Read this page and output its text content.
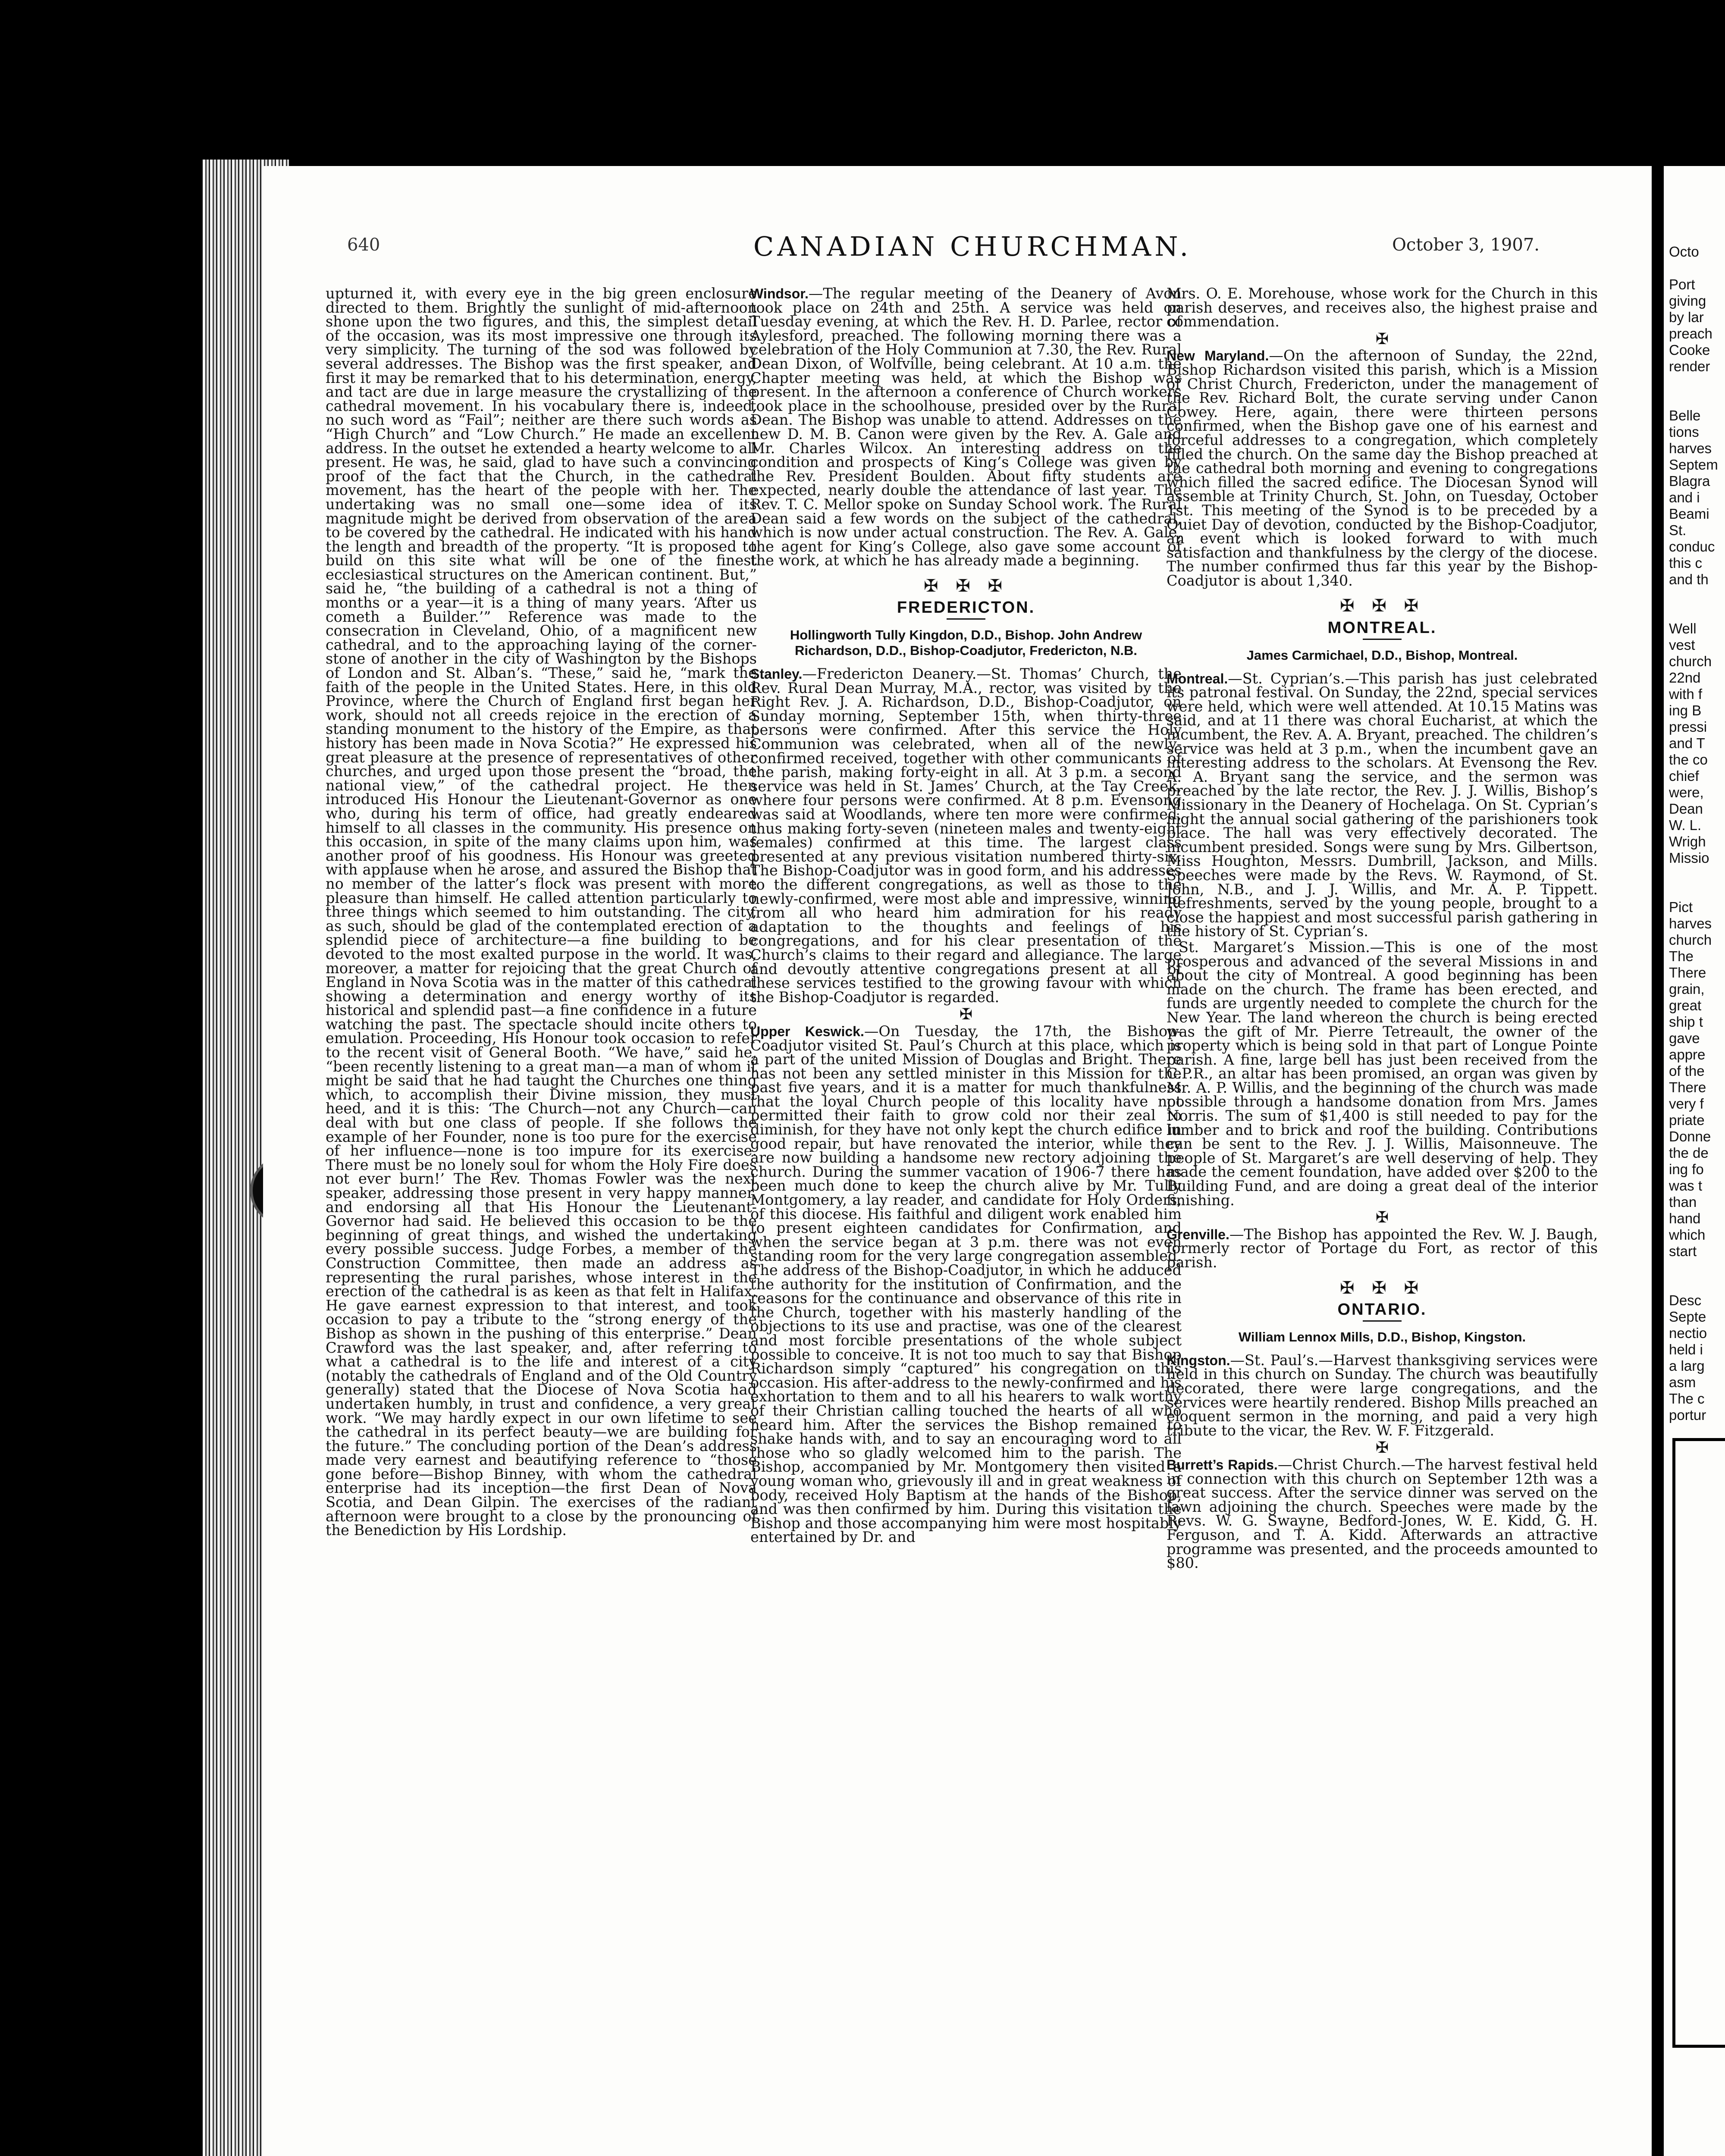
640	CANADIAN CHURCHMAN.	October 3, 1907.

upturned it, with every eye in the big green enclosure directed to them. Brightly the sunlight of mid-afternoon shone upon the two figures, and this, the simplest detail of the occasion, was its most impressive one through its very simplicity. The turning of the sod was followed by several addresses. The Bishop was the first speaker, and first it may be remarked that to his determination, energy, and tact are due in large measure the crystallizing of the cathedral movement. In his vocabulary there is, indeed, no such word as “Fail”; neither are there such words as “High Church” and “Low Church.” He made an excellent address. In the outset he extended a hearty welcome to all present. He was, he said, glad to have such a convincing proof of the fact that the Church, in the cathedral movement, has the heart of the people with her. The undertaking was no small one—some idea of its magnitude might be derived from observation of the area to be covered by the cathedral. He indicated with his hand the length and breadth of the property. “It is proposed to build on this site what will be one of the finest ecclesiastical structures on the American continent. But,” said he, “the building of a cathedral is not a thing of months or a year—it is a thing of many years. ‘After us cometh a Builder.’” Reference was made to the consecration in Cleveland, Ohio, of a magnificent new cathedral, and to the approaching laying of the corner-stone of another in the city of Washington by the Bishops of London and St. Alban’s. “These,” said he, “mark the faith of the people in the United States. Here, in this old Province, where the Church of England first began her work, should not all creeds rejoice in the erection of a standing monument to the history of the Empire, as that history has been made in Nova Scotia?” He expressed his great pleasure at the presence of representatives of other churches, and urged upon those present the “broad, the national view,” of the cathedral project. He then introduced His Honour the Lieutenant-Governor as one who, during his term of office, had greatly endeared himself to all classes in the community. His presence on this occasion, in spite of the many claims upon him, was another proof of his goodness. His Honour was greeted with applause when he arose, and assured the Bishop that no member of the latter’s flock was present with more pleasure than himself. He called attention particularly to three things which seemed to him outstanding. The city, as such, should be glad of the contemplated erection of a splendid piece of architecture—a fine building to be devoted to the most exalted purpose in the world. It was, moreover, a matter for rejoicing that the great Church of England in Nova Scotia was in the matter of this cathedral showing a determination and energy worthy of its historical and splendid past—a fine confidence in a future watching the past. The spectacle should incite others to emulation. Proceeding, His Honour took occasion to refer to the recent visit of General Booth. “We have,” said he, “been recently listening to a great man—a man of whom it might be said that he had taught the Churches one thing which, to accomplish their Divine mission, they must heed, and it is this: ‘The Church—not any Church—can deal with but one class of people. If she follows the example of her Founder, none is too pure for the exercise of her influence—none is too impure for its exercise. There must be no lonely soul for whom the Holy Fire does not ever burn!’ The Rev. Thomas Fowler was the next speaker, addressing those present in very happy manner, and endorsing all that His Honour the Lieutenant-Governor had said. He believed this occasion to be the beginning of great things, and wished the undertaking every possible success. Judge Forbes, a member of the Construction Committee, then made an address as representing the rural parishes, whose interest in the erection of the cathedral is as keen as that felt in Halifax. He gave earnest expression to that interest, and took occasion to pay a tribute to the “strong energy of the Bishop as shown in the pushing of this enterprise.” Dean Crawford was the last speaker, and, after referring to what a cathedral is to the life and interest of a city (notably the cathedrals of England and of the Old Country generally) stated that the Diocese of Nova Scotia had undertaken humbly, in trust and confidence, a very great work. “We may hardly expect in our own lifetime to see the cathedral in its perfect beauty—we are building for the future.” The concluding portion of the Dean’s address made very earnest and beautifying reference to “those gone before—Bishop Binney, with whom the cathedral enterprise had its inception—the first Dean of Nova Scotia, and Dean Gilpin. The exercises of the radiant afternoon were brought to a close by the pronouncing of the Benediction by His Lordship.

Windsor.—The regular meeting of the Deanery of Avon took place on 24th and 25th. A service was held on Tuesday evening, at which the Rev. H. D. Parlee, rector of Aylesford, preached. The following morning there was a celebration of the Holy Communion at 7.30, the Rev. Rural Dean Dixon, of Wolfville, being celebrant. At 10 a.m. the Chapter meeting was held, at which the Bishop was present. In the afternoon a conference of Church workers took place in the schoolhouse, presided over by the Rural Dean. The Bishop was unable to attend. Addresses on the new D. M. B. Canon were given by the Rev. A. Gale and Mr. Charles Wilcox. An interesting address on the condition and prospects of King’s College was given by the Rev. President Boulden. About fifty students are expected, nearly double the attendance of last year. The Rev. T. C. Mellor spoke on Sunday School work. The Rural Dean said a few words on the subject of the cathedral, which is now under actual construction. The Rev. A. Gale, the agent for King’s College, also gave some account of the work, at which he has already made a beginning.

✠ ✠ ✠
FREDERICTON.
Hollingworth Tully Kingdon, D.D., Bishop. John Andrew Richardson, D.D., Bishop-Coadjutor, Fredericton, N.B.

Stanley.—Fredericton Deanery.—St. Thomas’ Church, the Rev. Rural Dean Murray, M.A., rector, was visited by the Right Rev. J. A. Richardson, D.D., Bishop-Coadjutor, on Sunday morning, September 15th, when thirty-three persons were confirmed. After this service the Holy Communion was celebrated, when all of the newly-confirmed received, together with other communicants of the parish, making forty-eight in all. At 3 p.m. a second service was held in St. James’ Church, at the Tay Creek, where four persons were confirmed. At 8 p.m. Evensong was said at Woodlands, where ten more were confirmed, thus making forty-seven (nineteen males and twenty-eight females) confirmed at this time. The largest class presented at any previous visitation numbered thirty-six. The Bishop-Coadjutor was in good form, and his addresses to the different congregations, as well as those to the newly-confirmed, were most able and impressive, winning from all who heard him admiration for his ready adaptation to the thoughts and feelings of his congregations, and for his clear presentation of the Church’s claims to their regard and allegiance. The large and devoutly attentive congregations present at all of these services testified to the growing favour with which the Bishop-Coadjutor is regarded.

✠

Upper Keswick.—On Tuesday, the 17th, the Bishop-Coadjutor visited St. Paul’s Church at this place, which is a part of the united Mission of Douglas and Bright. There has not been any settled minister in this Mission for the past five years, and it is a matter for much thankfulness that the loyal Church people of this locality have not permitted their faith to grow cold nor their zeal to diminish, for they have not only kept the church edifice in good repair, but have renovated the interior, while they are now building a handsome new rectory adjoining the church. During the summer vacation of 1906-7 there has been much done to keep the church alive by Mr. Tully Montgomery, a lay reader, and candidate for Holy Orders, of this diocese. His faithful and diligent work enabled him to present eighteen candidates for Confirmation, and when the service began at 3 p.m. there was not even standing room for the very large congregation assembled. The address of the Bishop-Coadjutor, in which he adduced the authority for the institution of Confirmation, and the reasons for the continuance and observance of this rite in the Church, together with his masterly handling of the objections to its use and practise, was one of the clearest and most forcible presentations of the whole subject possible to conceive. It is not too much to say that Bishop Richardson simply “captured” his congregation on this occasion. His after-address to the newly-confirmed and his exhortation to them and to all his hearers to walk worthy of their Christian calling touched the hearts of all who heard him. After the services the Bishop remained to shake hands with, and to say an encouraging word to all those who so gladly welcomed him to the parish. The Bishop, accompanied by Mr. Montgomery then visited a young woman who, grievously ill and in great weakness of body, received Holy Baptism at the hands of the Bishop, and was then confirmed by him. During this visitation the Bishop and those accompanying him were most hospitably entertained by Dr. and

Mrs. O. E. Morehouse, whose work for the Church in this parish deserves, and receives also, the highest praise and commendation.

✠

New Maryland.—On the afternoon of Sunday, the 22nd, Bishop Richardson visited this parish, which is a Mission of Christ Church, Fredericton, under the management of the Rev. Richard Bolt, the curate serving under Canon Cowey. Here, again, there were thirteen persons confirmed, when the Bishop gave one of his earnest and forceful addresses to a congregation, which completely filled the church. On the same day the Bishop preached at the cathedral both morning and evening to congregations which filled the sacred edifice. The Diocesan Synod will assemble at Trinity Church, St. John, on Tuesday, October 1st. This meeting of the Synod is to be preceded by a Quiet Day of devotion, conducted by the Bishop-Coadjutor, an event which is looked forward to with much satisfaction and thankfulness by the clergy of the diocese. The number confirmed thus far this year by the Bishop-Coadjutor is about 1,340.

✠ ✠ ✠
MONTREAL.
James Carmichael, D.D., Bishop, Montreal.

Montreal.—St. Cyprian’s.—This parish has just celebrated its patronal festival. On Sunday, the 22nd, special services were held, which were well attended. At 10.15 Matins was said, and at 11 there was choral Eucharist, at which the incumbent, the Rev. A. A. Bryant, preached. The children’s service was held at 3 p.m., when the incumbent gave an interesting address to the scholars. At Evensong the Rev. A. A. Bryant sang the service, and the sermon was preached by the late rector, the Rev. J. J. Willis, Bishop’s Missionary in the Deanery of Hochelaga. On St. Cyprian’s night the annual social gathering of the parishioners took place. The hall was very effectively decorated. The incumbent presided. Songs were sung by Mrs. Gilbertson, Miss Houghton, Messrs. Dumbrill, Jackson, and Mills. Speeches were made by the Revs. W. Raymond, of St. John, N.B., and J. J. Willis, and Mr. A. P. Tippett. Refreshments, served by the young people, brought to a close the happiest and most successful parish gathering in the history of St. Cyprian’s.

St. Margaret’s Mission.—This is one of the most prosperous and advanced of the several Missions in and about the city of Montreal. A good beginning has been made on the church. The frame has been erected, and funds are urgently needed to complete the church for the New Year. The land whereon the church is being erected was the gift of Mr. Pierre Tetreault, the owner of the property which is being sold in that part of Longue Pointe parish. A fine, large bell has just been received from the C.P.R., an altar has been promised, an organ was given by Mr. A. P. Willis, and the beginning of the church was made possible through a handsome donation from Mrs. James Norris. The sum of $1,400 is still needed to pay for the lumber and to brick and roof the building. Contributions can be sent to the Rev. J. J. Willis, Maisonneuve. The people of St. Margaret’s are well deserving of help. They made the cement foundation, have added over $200 to the Building Fund, and are doing a great deal of the interior finishing.

✠

Grenville.—The Bishop has appointed the Rev. W. J. Baugh, formerly rector of Portage du Fort, as rector of this parish.

✠ ✠ ✠
ONTARIO.
William Lennox Mills, D.D., Bishop, Kingston.

Kingston.—St. Paul’s.—Harvest thanksgiving services were held in this church on Sunday. The church was beautifully decorated, there were large congregations, and the services were heartily rendered. Bishop Mills preached an eloquent sermon in the morning, and paid a very high tribute to the vicar, the Rev. W. F. Fitzgerald.

✠

Burrett’s Rapids.—Christ Church.—The harvest festival held in connection with this church on September 12th was a great success. After the service dinner was served on the lawn adjoining the church. Speeches were made by the Revs. W. G. Swayne, Bedford-Jones, W. E. Kidd, G. H. Ferguson, and T. A. Kidd. Afterwards an attractive programme was presented, and the proceeds amounted to $80.

Octo

Port
giving
by lar
preach
Cooke
render

Belle
tions
harves
Septem
Blagra
and i
Beami
St.
conduc
this c
and th

Well
vest
church
22nd
with f
ing B
pressi
and T
the co
chief
were,
Dean
W. L.
Wrigh
Missio

Pict
harves
church
The
There
grain,
great
ship t
gave
appre
of the
There
very f
priate
Donne
the de
ing fo
was t
than
hand
which
start

Desc
Septe
nectio
held i
a larg
asm
The c
portur
